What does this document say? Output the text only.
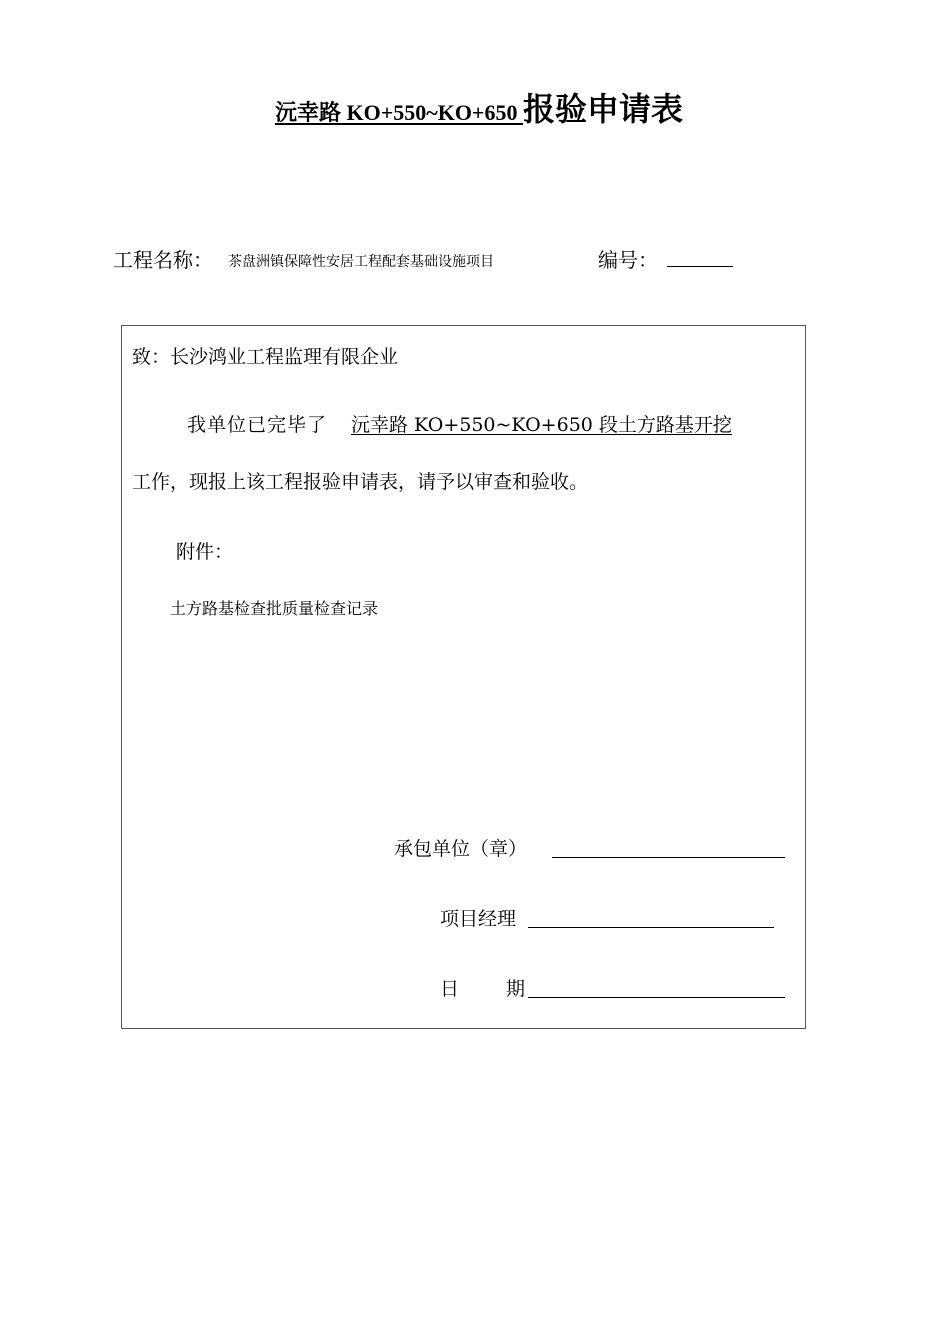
沅幸路 KO+550~KO+650 报验申请表
工程名称： 茶盘洲镇保障性安居工程配套基础设施项目	编号：
致：长沙鸿业工程监理有限企业
我单位已完毕了 沅幸路 KO+550~KO+650 段土方路基开挖
工作，现报上该工程报验申请表，请予以审查和验收。
附件：
土方路基检查批质量检查记录
承包单位（章）
项目经理
日 期
